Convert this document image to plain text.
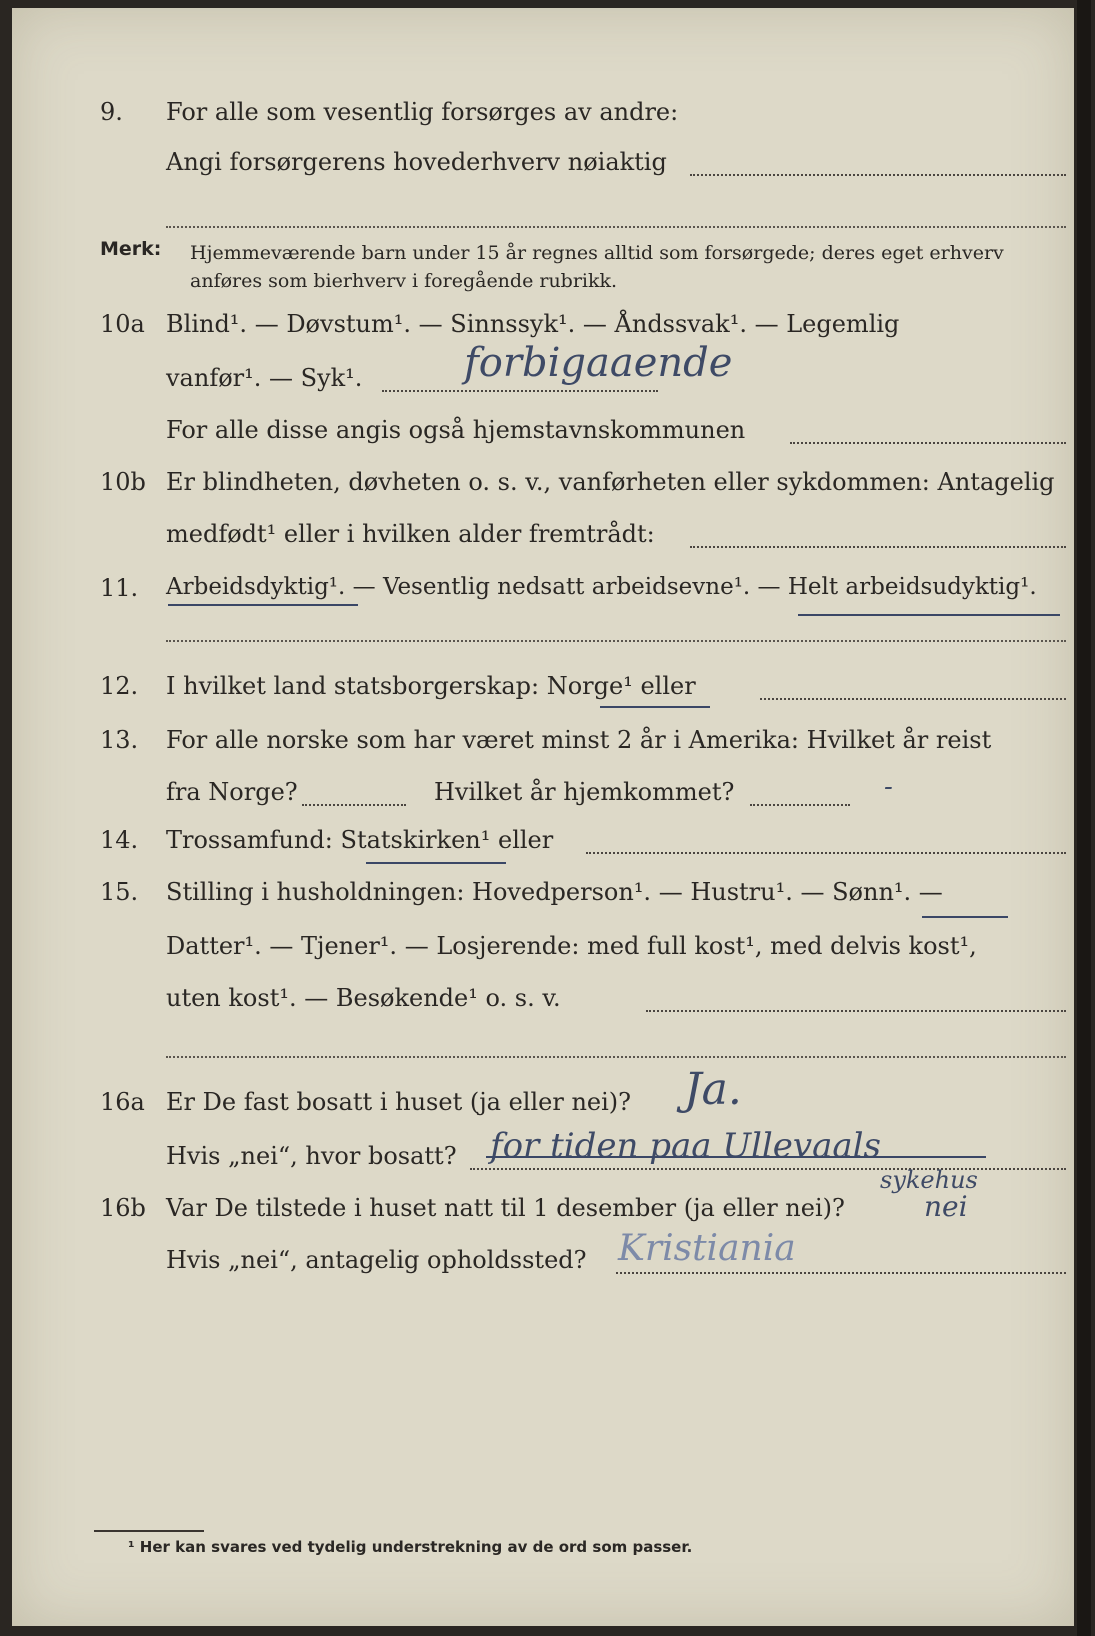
9. For alle som vesentlig forsørges av andre:
Angi forsørgerens hovederhverv nøiaktig
Merk: Hjemmeværende barn under 15 år regnes alltid som forsørgede; deres eget erhverv anføres som bierhverv i foregående rubrikk.
10a Blind¹. — Døvstum¹. — Sinnssyk¹. — Åndssvak¹. — Legemlig
vanfør¹. — Syk¹.	forbigaaende
For alle disse angis også hjemstavnskommunen
10b Er blindheten, døvheten o. s. v., vanførheten eller sykdommen: Antagelig
medfødt¹ eller i hvilken alder fremtrådt:
11. Arbeidsdyktig¹. — Vesentlig nedsatt arbeidsevne¹. — Helt arbeidsudyktig¹.
12. I hvilket land statsborgerskap: Norge¹ eller
13. For alle norske som har været minst 2 år i Amerika: Hvilket år reist
fra Norge?	Hvilket år hjemkommet?	-
14. Trossamfund: Statskirken¹ eller
15. Stilling i husholdningen: Hovedperson¹. — Hustru¹. — Sønn¹. —
Datter¹. — Tjener¹. — Losjerende: med full kost¹, med delvis kost¹,
uten kost¹. — Besøkende¹ o. s. v.
16a Er De fast bosatt i huset (ja eller nei)? Ja.
Hvis „nei“, hvor bosatt? for tiden paa Ullevaals
sykehus
16b Var De tilstede i huset natt til 1 desember (ja eller nei)?	nei
Hvis „nei“, antagelig opholdssted? Kristiania
¹ Her kan svares ved tydelig understrekning av de ord som passer.
